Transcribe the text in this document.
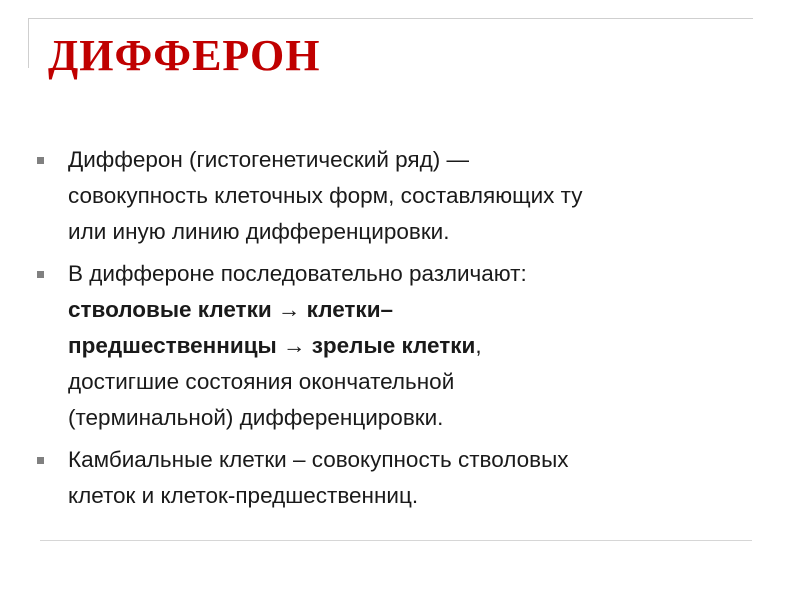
ДИФФЕРОН
Дифферон (гистогенетический ряд) —
совокупность клеточных форм, составляющих ту
или иную линию дифференцировки.
В диффероне последовательно различают:
стволовые клетки → клетки–
предшественницы → зрелые клетки,
достигшие состояния окончательной
(терминальной) дифференцировки.
Камбиальные клетки – совокупность стволовых
клеток и клеток-предшественниц.
